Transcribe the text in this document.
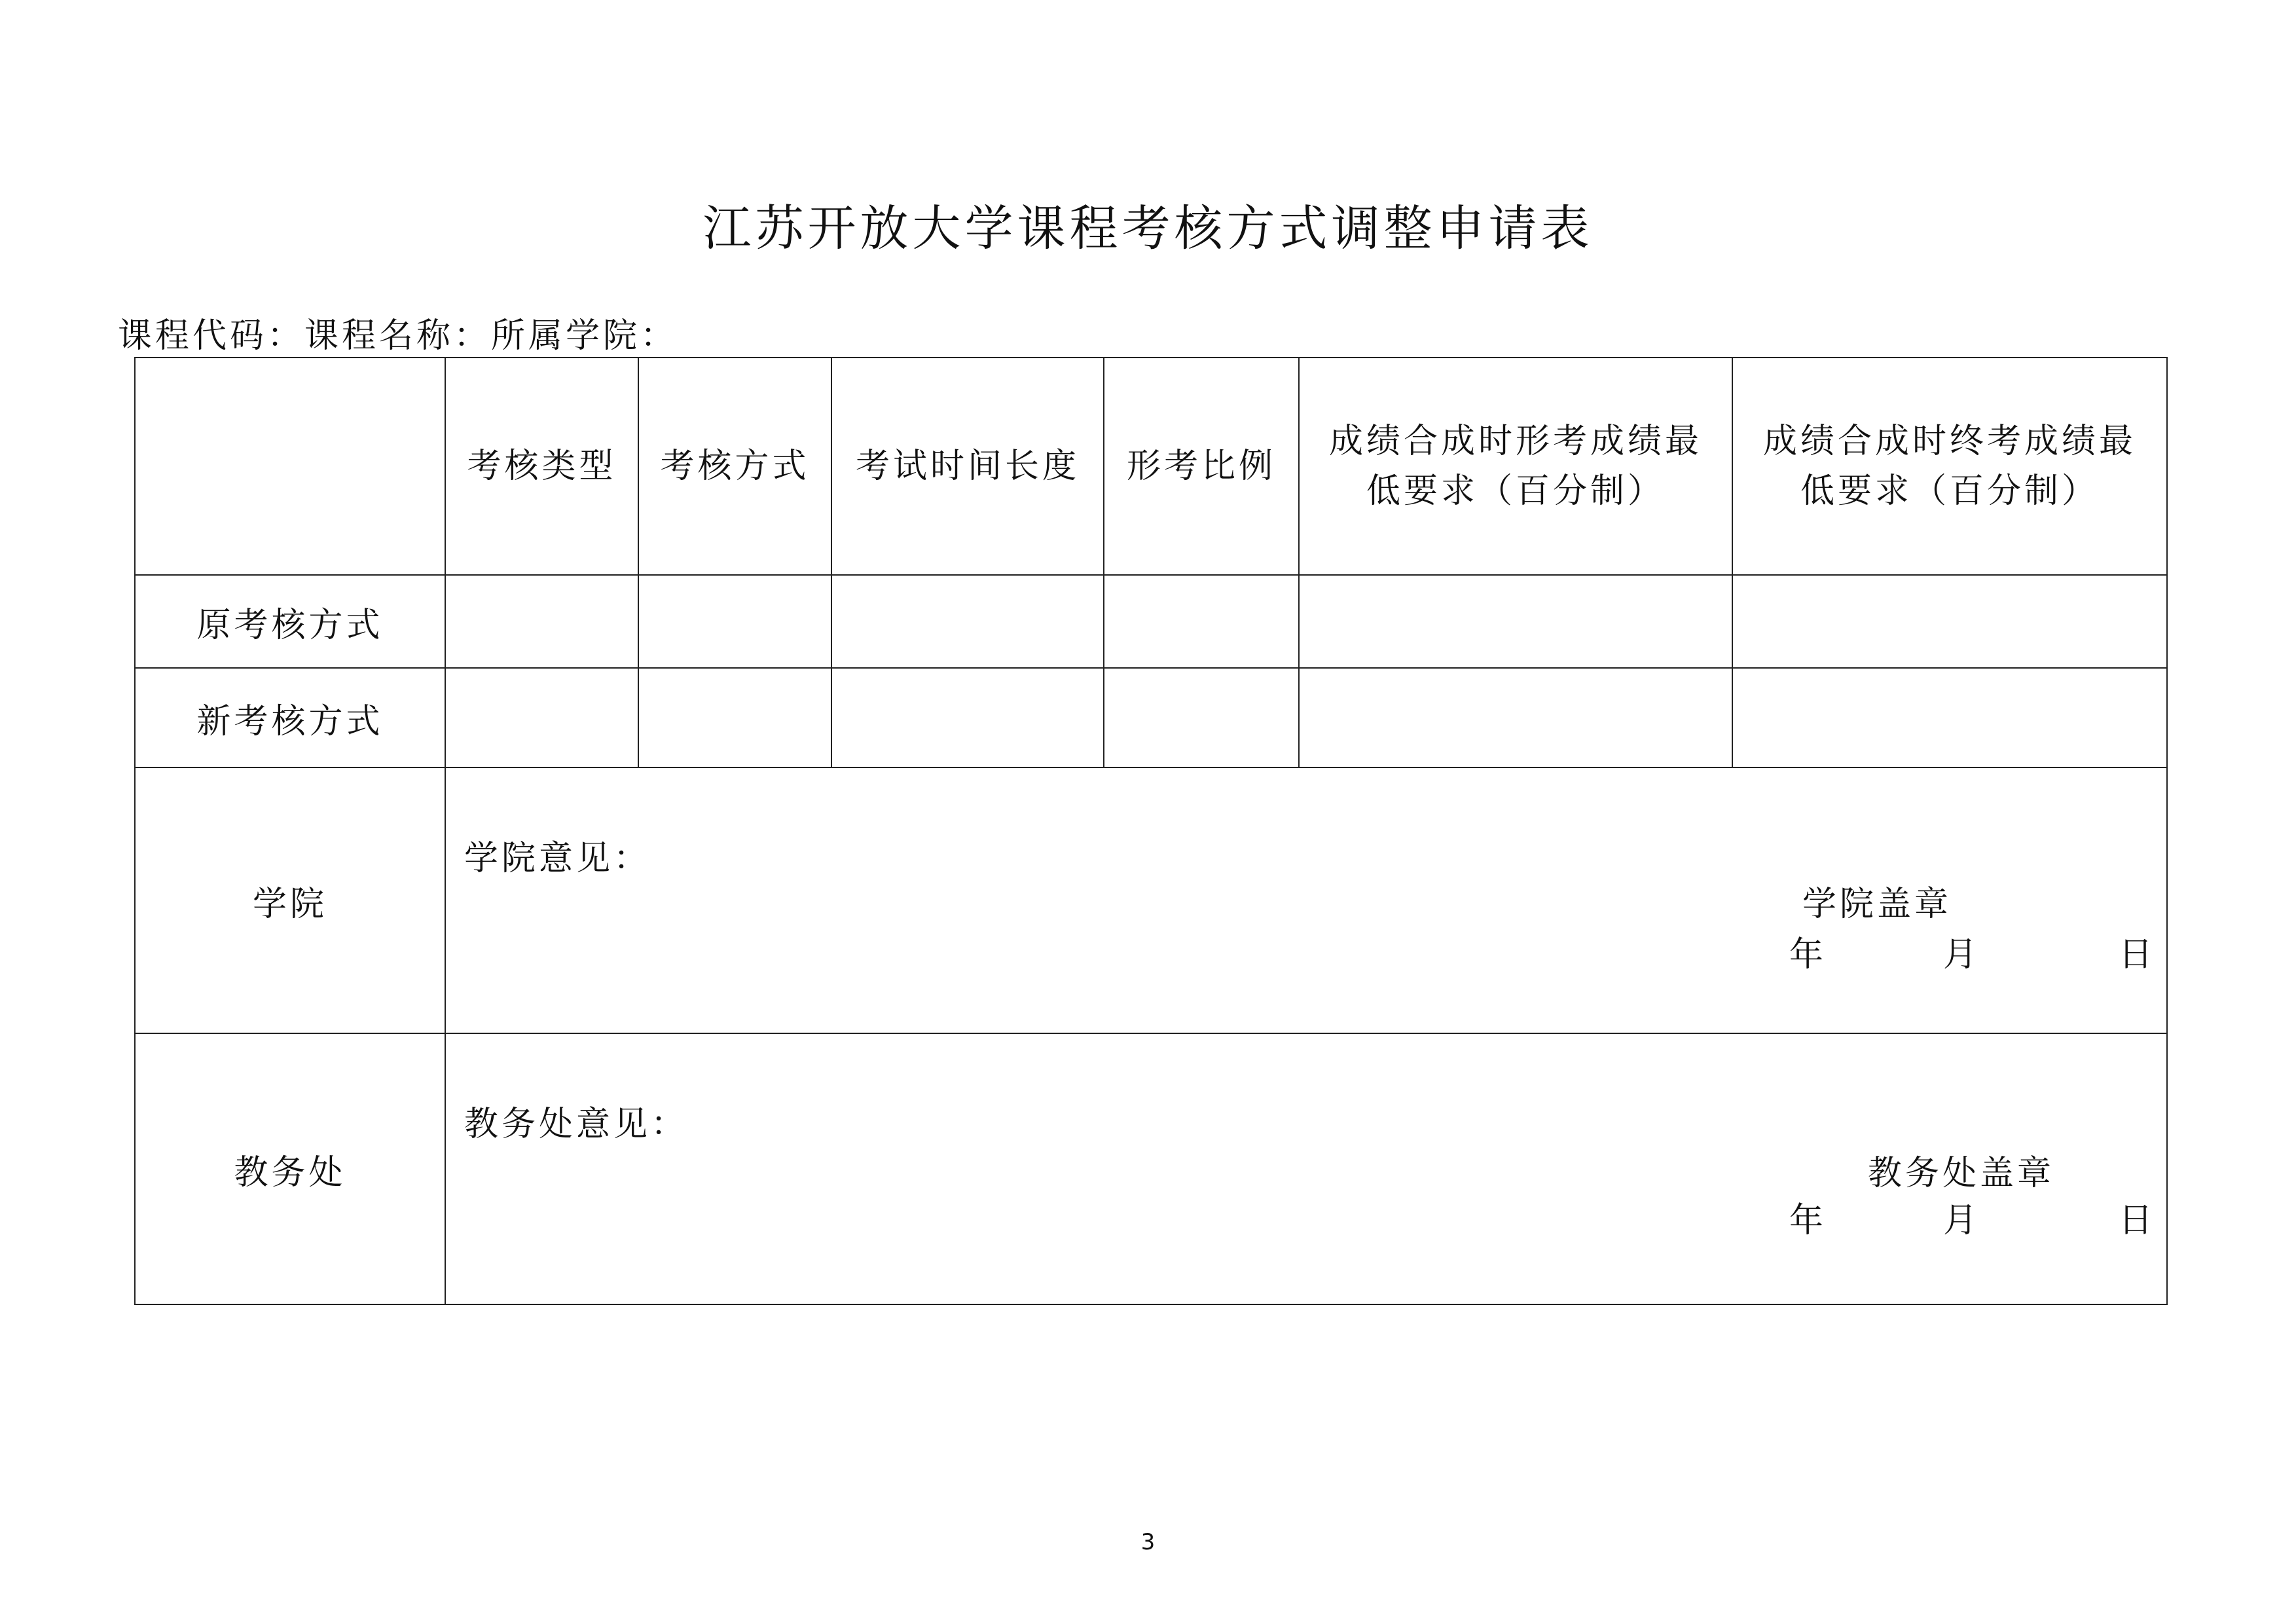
江苏开放大学课程考核方式调整申请表
课程代码：课程名称：所属学院：
	考核类型	考核方式	考试时间长度	形考比例	成绩合成时形考成绩最低要求（百分制）	成绩合成时终考成绩最低要求（百分制）
原考核方式						
新考核方式						
学院	学院意见：
学院盖章
年 月 日					

教务处	教务处意见：
教务处盖章
年 月 日					
3
